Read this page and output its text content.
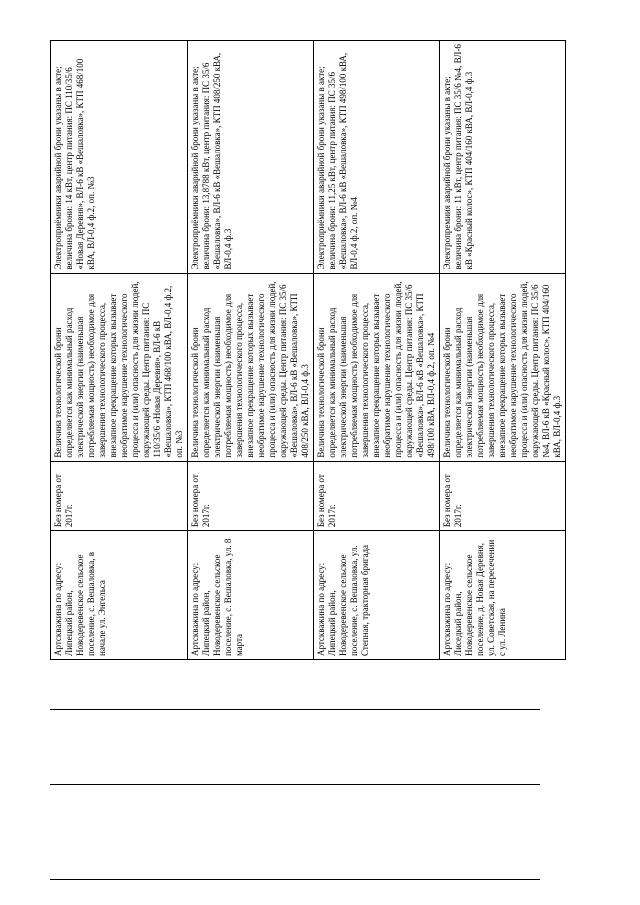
Артскважина по адресу: Липецкий район, Новодеревенское сельское поселение, с. Вешаловка, в начале ул. Энгельса	Без номера от 2017г.	Величина технологической брони определяется как минимальный расход электрической энергии (наименьшая потребляемая мощность) необходимое для завершения технологического процесса, внезапное прекращение которых вызывает необратимое нарушение технологического процесса и (или) опасность для жизни людей, окружающей среды. Центр питания: ПС 110/35/6 «Новая Деревня», ВЛ-6 кВ «Вешаловка», КТП 468/100 кВА, ВЛ-0,4 ф.2, оп. №3	Электроприёмники аварийной брони указаны в акте; величина брони: 14 кВт, центр питания: ПС 110/35/6 «Новая Деревня», ВЛ-6 кВ «Вешаловка», КТП 468/100 кВА, ВЛ-0,4 ф.2, оп. №3
Артскважина по адресу: Липецкий район, Новодеревенское сельское поселение, с. Вешаловка, ул. 8 марта	Без номера от 2017г.	Величина технологической брони определяется как минимальный расход электрической энергии (наименьшая потребляемая мощность) необходимое для завершения технологического процесса, внезапное прекращение которых вызывает необратимое нарушение технологического процесса и (или) опасность для жизни людей, окружающей среды. Центр питания: ПС 35/6 «Вешаловка», ВЛ-6 кВ «Вешаловка», КТП 408/250 кВА, ВЛ-0,4 ф.3	Электроприёмники аварийной брони указаны в акте; величина брони: 13,8788 кВт, центр питания: ПС 35/6 «Вешаловка», ВЛ-6 кВ «Вешаловка», КТП 408/250 кВА, ВЛ-0,4 ф.3
Артскважина по адресу: Липецкий район, Новодеревенское сельское поселение, с. Вешаловка, ул. Степная, тракторная бригада	Без номера от 2017г.	Величина технологической брони определяется как минимальный расход электрической энергии (наименьшая потребляемая мощность) необходимое для завершения технологического процесса, внезапное прекращение которых вызывает необратимое нарушение технологического процесса и (или) опасность для жизни людей, окружающей среды. Центр питания: ПС 35/6 «Вешаловка», ВЛ-6 кВ «Вешаловка», КТП 498/100 кВА, ВЛ-0,4 ф.2, оп. №4	Электроприёмники аварийной брони указаны в акте; величина брони: 11,25 кВт, центр питания: ПС 35/6 «Вешаловка», ВЛ-6 кВ «Вешаловка», КТП 498/100 кВА, ВЛ-0,4 ф.2, оп. №4
Артскважина по адресу: Лиседкий район, Новодеревенское сельское поселение, д. Новая Деревня, ул. Советская, на пересечении с ул. Ленина	Без номера от 2017г.	Величина технологической брони определяется как минимальный расход электрической энергии (наименьшая потребляемая мощность) необходимое для завершения технологического процесса, внезапное прекращение которых вызывает необратимое нарушение технологического процесса и (или) опасность для жизни людей, окружающей среды. Центр питания: ПС 35/6 №4, ВЛ-6 кВ «Красный колос», КТП 404/160 кВА, ВЛ-0,4 ф.3	Электропремиия аварийной брони указаны в акте; величина брони: 11 кВт, центр питания: ПС 35/6 №4, ВЛ-6 кВ «Красный колос», КТП 404/160 кВА, ВЛ-0,4 ф.3
